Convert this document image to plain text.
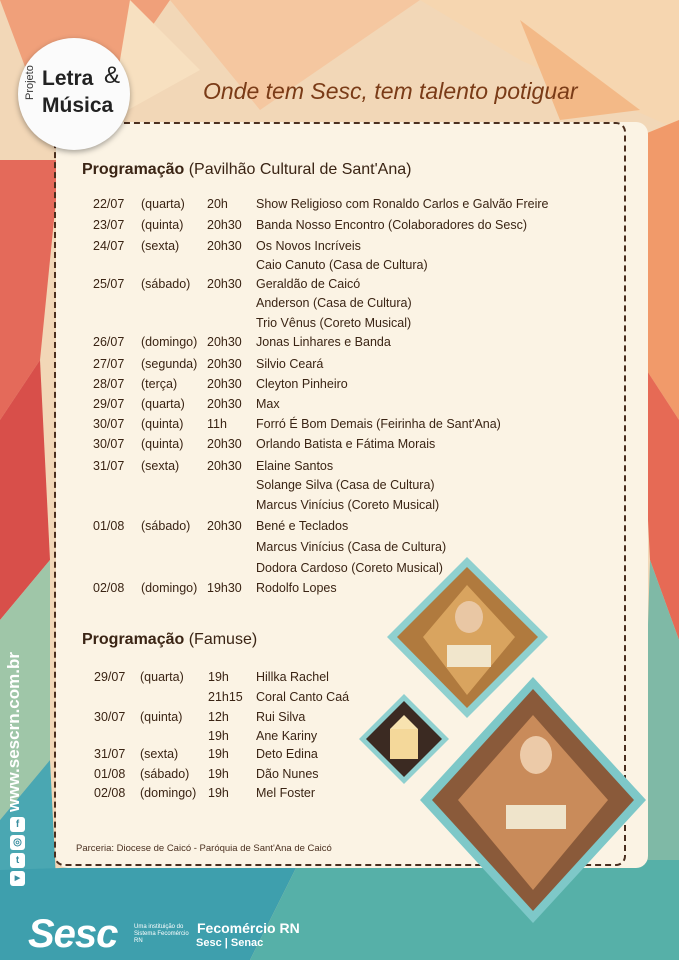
Projeto Letra &
Música
Onde tem Sesc, tem talento potiguar
Programação (Pavilhão Cultural de Sant'Ana)
22/07 (quarta) 20h Show Religioso com Ronaldo Carlos e Galvão Freire
23/07 (quinta) 20h30 Banda Nosso Encontro (Colaboradores do Sesc)
24/07 (sexta) 20h30 Os Novos Incríveis
Caio Canuto (Casa de Cultura)
25/07 (sábado) 20h30 Geraldão de Caicó
Anderson (Casa de Cultura)
Trio Vênus (Coreto Musical)
26/07 (domingo) 20h30 Jonas Linhares e Banda
27/07 (segunda) 20h30 Silvio Ceará
28/07 (terça) 20h30 Cleyton Pinheiro
29/07 (quarta) 20h30 Max
30/07 (quinta) 11h Forró É Bom Demais (Feirinha de Sant'Ana)
30/07 (quinta) 20h30 Orlando Batista e Fátima Morais
31/07 (sexta) 20h30 Elaine Santos
Solange Silva (Casa de Cultura)
Marcus Vinícius (Coreto Musical)
01/08 (sábado) 20h30 Bené e Teclados
Marcus Vinícius (Casa de Cultura)
Dodora Cardoso (Coreto Musical)
02/08 (domingo) 19h30 Rodolfo Lopes
Programação (Famuse)
29/07 (quarta) 19h Hillka Rachel
21h15 Coral Canto Caá
30/07 (quinta) 12h Rui Silva
19h Ane Kariny
31/07 (sexta) 19h Deto Edina
01/08 (sábado) 19h Dão Nunes
02/08 (domingo) 19h Mel Foster
Parceria: Diocese de Caicó - Paróquia de Sant'Ana de Caicó
www.sescrn.com.br
f
◎
t
▶
Sesc	Uma instituição do Sistema Fecomércio RN
Fecomércio RN
Sesc | Senac
